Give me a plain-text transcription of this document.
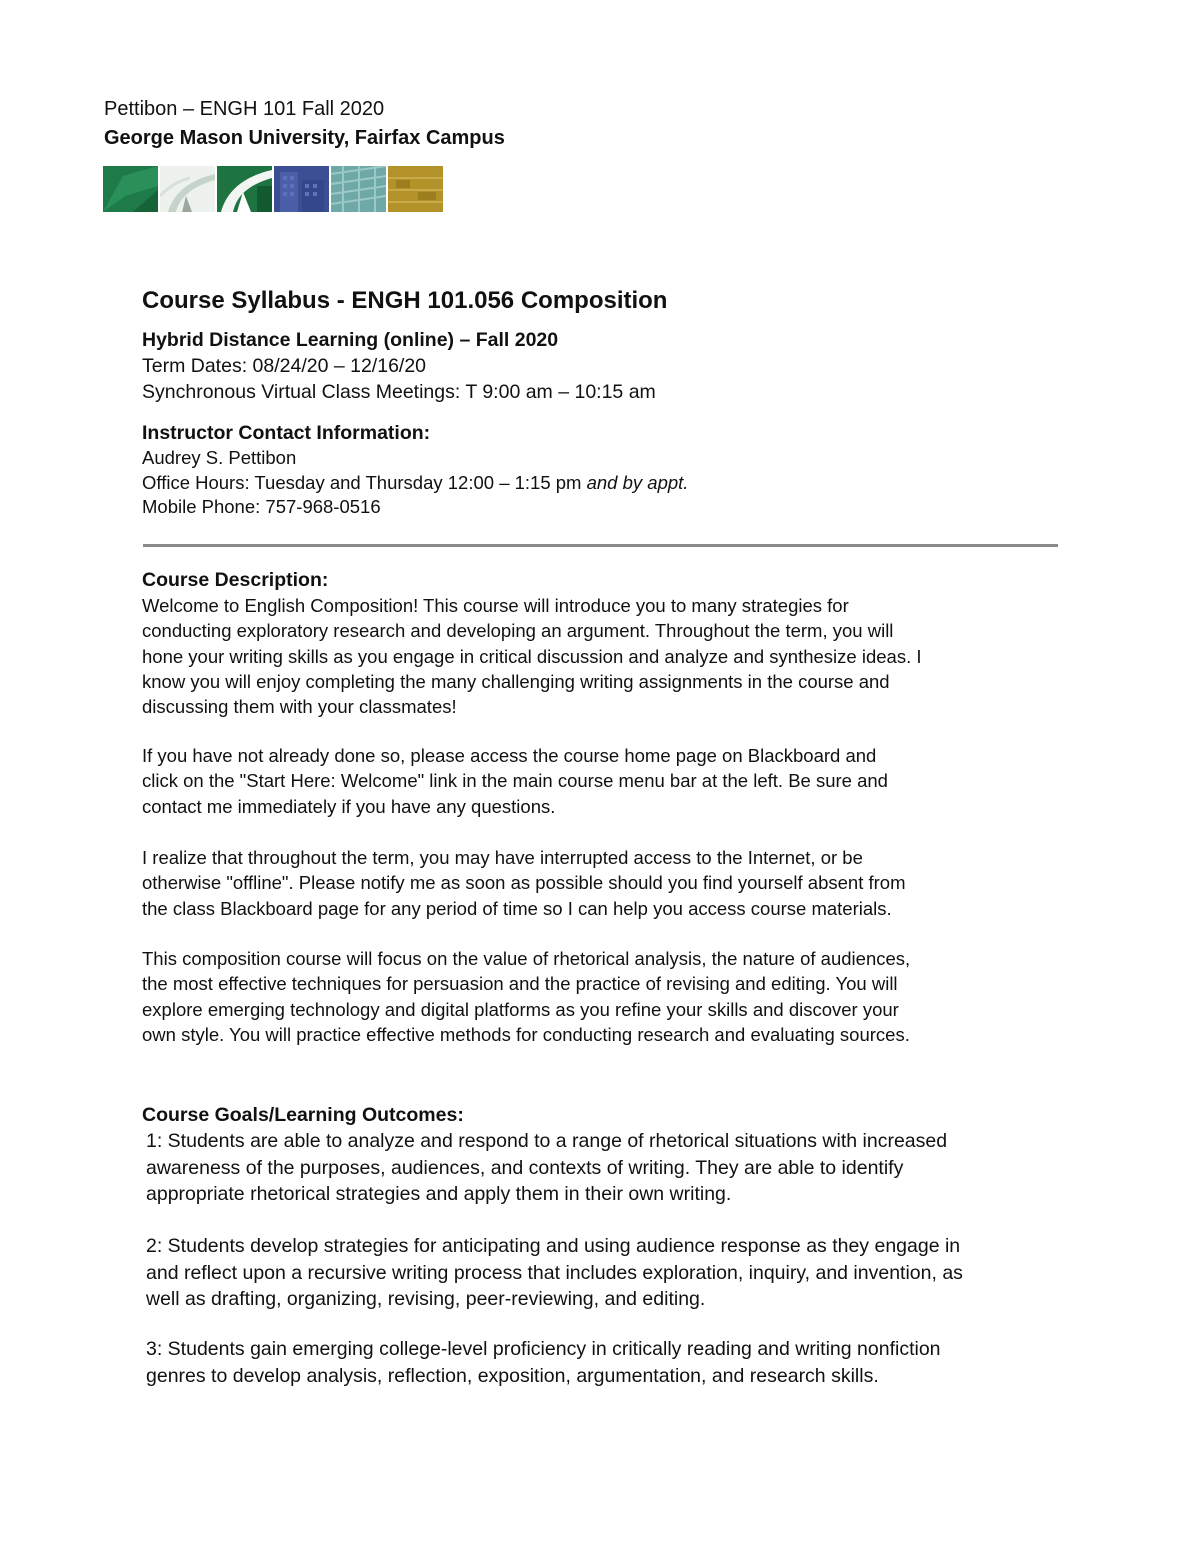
Pettibon – ENGH 101 Fall 2020
George Mason University, Fairfax Campus
Course Syllabus - ENGH 101.056 Composition
Hybrid Distance Learning (online) – Fall 2020
Term Dates: 08/24/20 – 12/16/20
Synchronous Virtual Class Meetings: T 9:00 am – 10:15 am
Instructor Contact Information:
Audrey S. Pettibon
Office Hours: Tuesday and Thursday 12:00 – 1:15 pm and by appt.
Mobile Phone: 757-968-0516
Course Description:

Welcome to English Composition! This course will introduce you to many strategies for
conducting exploratory research and developing an argument. Throughout the term, you will
hone your writing skills as you engage in critical discussion and analyze and synthesize ideas. I
know you will enjoy completing the many challenging writing assignments in the course and
discussing them with your classmates!

If you have not already done so, please access the course home page on Blackboard and
click on the "Start Here: Welcome" link in the main course menu bar at the left. Be sure and
contact me immediately if you have any questions.

I realize that throughout the term, you may have interrupted access to the Internet, or be
otherwise "offline". Please notify me as soon as possible should you find yourself absent from
the class Blackboard page for any period of time so I can help you access course materials.

This composition course will focus on the value of rhetorical analysis, the nature of audiences,
the most effective techniques for persuasion and the practice of revising and editing. You will
explore emerging technology and digital platforms as you refine your skills and discover your
own style. You will practice effective methods for conducting research and evaluating sources.

Course Goals/Learning Outcomes:

1: Students are able to analyze and respond to a range of rhetorical situations with increased
awareness of the purposes, audiences, and contexts of writing. They are able to identify
appropriate rhetorical strategies and apply them in their own writing.

2: Students develop strategies for anticipating and using audience response as they engage in
and reflect upon a recursive writing process that includes exploration, inquiry, and invention, as
well as drafting, organizing, revising, peer-reviewing, and editing.

3: Students gain emerging college-level proficiency in critically reading and writing nonfiction
genres to develop analysis, reflection, exposition, argumentation, and research skills.
